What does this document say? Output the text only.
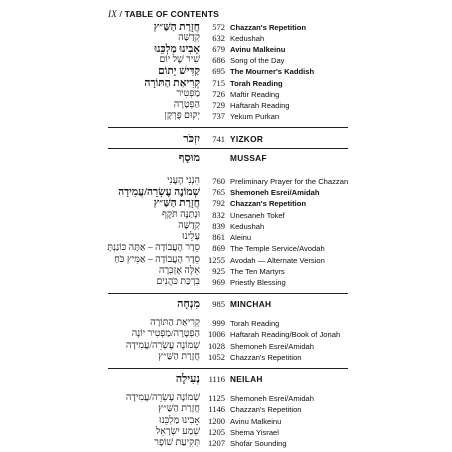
IX / TABLE OF CONTENTS
חֲזָרַת הַשַּׁ״ץ	572 Chazzan's Repetition
קְדֻשָּׁה	632 Kedushah
אָבִינוּ מַלְכֵּנוּ	679 Avinu Malkeinu
שִׁיר שֶׁל יוֹם	686 Song of the Day
קַדִּישׁ יָתוֹם	695 The Mourner's Kaddish
קְרִיאַת הַתּוֹרָה	715 Torah Reading
מַפְטִיר	726 Maftir Reading
הַפְטָרָה	729 Haftarah Reading
יְקוּם פֻּרְקָן	737 Yekum Purkan
יִזְכֹּר	741 YIZKOR
מוּסָף	MUSSAF
הִנְנִי הֶעָנִי	760 Preliminary Prayer for the Chazzan
שְׁמוֹנֶה עֶשְׂרֵה/עֲמִידָה	765 Shemoneh Esrei/Amidah
חֲזָרַת הַשַּׁ״ץ	792 Chazzan's Repetition
וּנְתַנֶּה תֹּקֶף	832 Unesaneh Tokef
קְדֻשָּׁה	839 Kedushah
עָלֵינוּ	861 Aleinu
סֵדֶר הָעֲבוֹדָה – אַתָּה כּוֹנַנְתָּ	869 The Temple Service/Avodah
סֵדֶר הָעֲבוֹדָה – אַמִּיץ כֹּחַ 1255 Avodah — Alternate Version
אֵלֶּה אֶזְכְּרָה	925 The Ten Martyrs
בִּרְכַּת כֹּהֲנִים	969 Priestly Blessing
מִנְחָה	985 MINCHAH
קְרִיאַת הַתּוֹרָה	999 Torah Reading
הַפְטָרָה/מַפְטִיר יוֹנָה 1006 Haftarah Reading/Book of Jonah
שְׁמוֹנֶה עֶשְׂרֵה/עֲמִידָה 1028 Shemoneh Esrei/Amidah
חֲזָרַת הַשַּׁ״ץ 1052 Chazzan's Repetition
נְעִילָה	1116 NEILAH
שְׁמוֹנֶה עֶשְׂרֵה/עֲמִידָה 1125 Shemoneh Esrei/Amidah
חֲזָרַת הַשַּׁ״ץ 1146 Chazzan's Repetition
אָבִינוּ מַלְכֵּנוּ 1200 Avinu Malkeinu
שְׁמַע יִשְׂרָאֵל 1205 Shema Yisrael
תְּקִיעַת שׁוֹפָר 1207 Shofar Sounding
